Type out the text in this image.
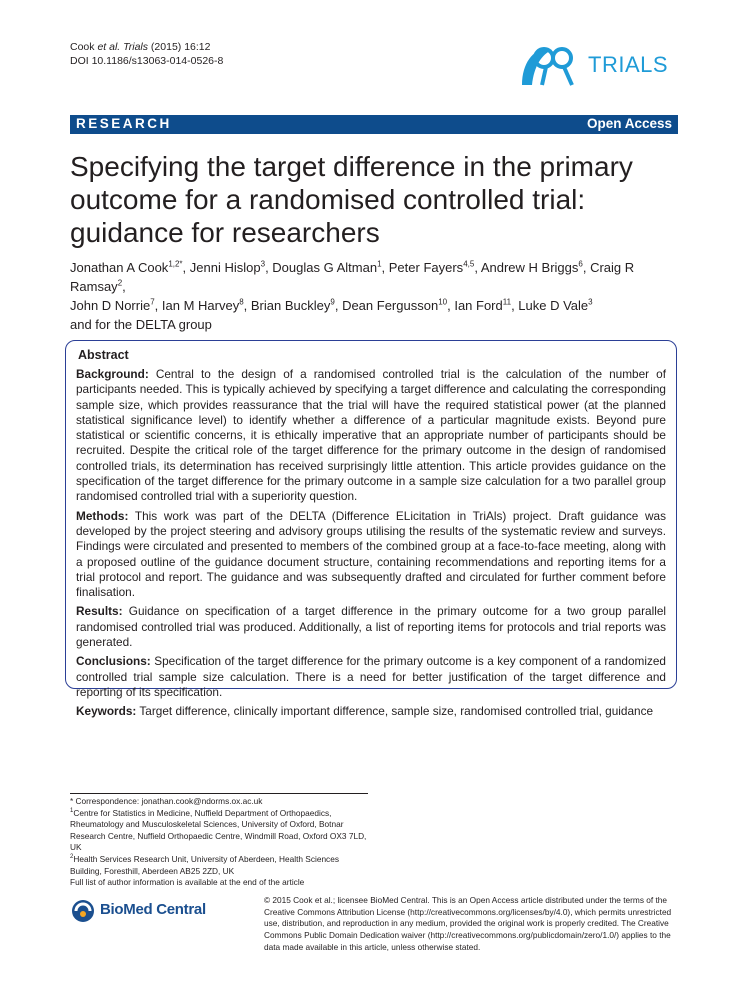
Cook et al. Trials (2015) 16:12
DOI 10.1186/s13063-014-0526-8	TRIALS
RESEARCH	Open Access
Specifying the target difference in the primary outcome for a randomised controlled trial: guidance for researchers
Jonathan A Cook$^{1,2*}$, Jenni Hislop$^3$, Douglas G Altman$^1$, Peter Fayers$^{4,5}$, Andrew H Briggs$^6$, Craig R Ramsay$^2$,
John D Norrie$^7$, Ian M Harvey$^8$, Brian Buckley$^9$, Dean Fergusson$^{10}$, Ian Ford$^{11}$, Luke D Vale$^3$
and for the DELTA group
Abstract

Background: Central to the design of a randomised controlled trial is the calculation of the number of participants needed. This is typically achieved by specifying a target difference and calculating the corresponding sample size, which provides reassurance that the trial will have the required statistical power (at the planned statistical significance level) to identify whether a difference of a particular magnitude exists. Beyond pure statistical or scientific concerns, it is ethically imperative that an appropriate number of participants should be recruited. Despite the critical role of the target difference for the primary outcome in the design of randomised controlled trials, its determination has received surprisingly little attention. This article provides guidance on the specification of the target difference for the primary outcome in a sample size calculation for a two parallel group randomised controlled trial with a superiority question.

Methods: This work was part of the DELTA (Difference ELicitation in TriAls) project. Draft guidance was developed by the project steering and advisory groups utilising the results of the systematic review and surveys. Findings were circulated and presented to members of the combined group at a face-to-face meeting, along with a proposed outline of the guidance document structure, containing recommendations and reporting items for a trial protocol and report. The guidance and was subsequently drafted and circulated for further comment before finalisation.

Results: Guidance on specification of a target difference in the primary outcome for a two group parallel randomised controlled trial was produced. Additionally, a list of reporting items for protocols and trial reports was generated.

Conclusions: Specification of the target difference for the primary outcome is a key component of a randomized controlled trial sample size calculation. There is a need for better justification of the target difference and reporting of its specification.

Keywords: Target difference, clinically important difference, sample size, randomised controlled trial, guidance

* Correspondence: jonathan.cook@ndorms.ox.ac.uk

$^1$Centre for Statistics in Medicine, Nuffield Department of Orthopaedics, Rheumatology and Musculoskeletal Sciences, University of Oxford, Botnar Research Centre, Nuffield Orthopaedic Centre, Windmill Road, Oxford OX3 7LD, UK

$^2$Health Services Research Unit, University of Aberdeen, Health Sciences Building, Foresthill, Aberdeen AB25 2ZD, UK

Full list of author information is available at the end of the article

BioMed Central
© 2015 Cook et al.; licensee BioMed Central. This is an Open Access article distributed under the terms of the Creative Commons Attribution License (http://creativecommons.org/licenses/by/4.0), which permits unrestricted use, distribution, and reproduction in any medium, provided the original work is properly credited. The Creative Commons Public Domain Dedication waiver (http://creativecommons.org/publicdomain/zero/1.0/) applies to the data made available in this article, unless otherwise stated.
